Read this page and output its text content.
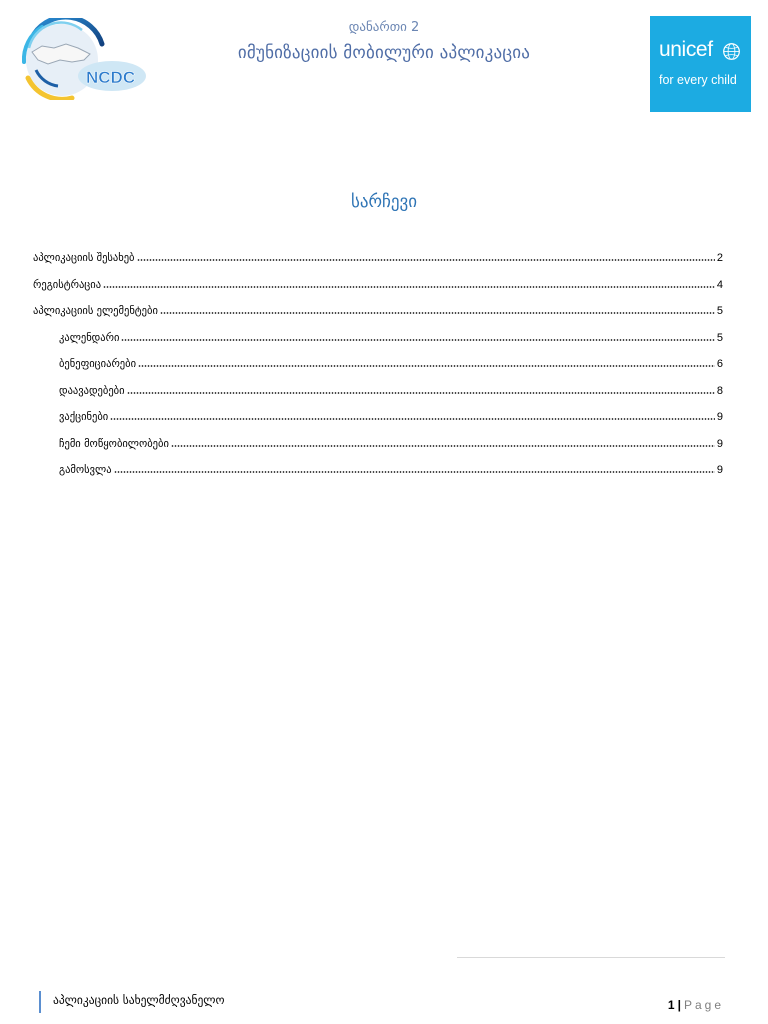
NCDC
დანართი 2
იმუნიზაციის მობილური აპლიკაცია	unicef
for every child
სარჩევი
აპლიკაციის შესახებ	2
რეგისტრაცია	4
აპლიკაციის ელემენტები	5
კალენდარი	5
ბენეფიციარები	6
დაავადებები	8
ვაქცინები	9
ჩემი მოწყობილობები	9
გამოსვლა	9
აპლიკაციის სახელმძღვანელო	1 | Page
